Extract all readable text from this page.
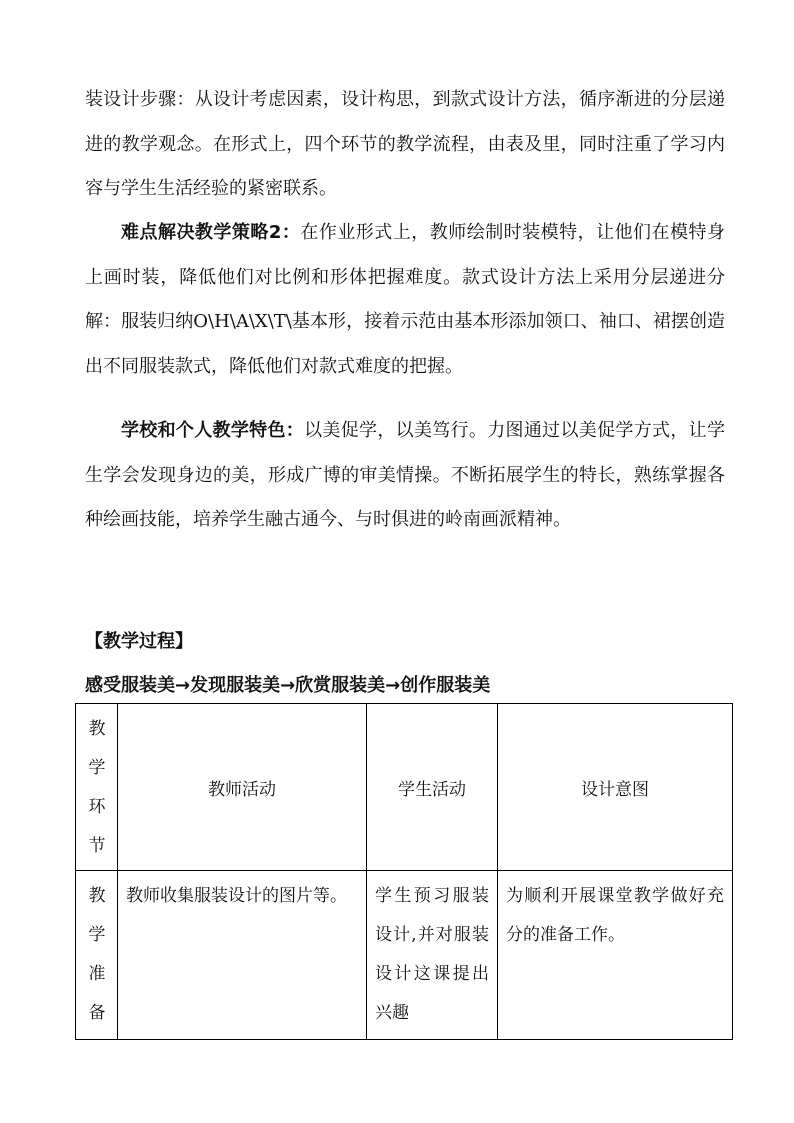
装设计步骤：从设计考虑因素，设计构思，到款式设计方法，循序渐进的分层递进的教学观念。在形式上，四个环节的教学流程，由表及里，同时注重了学习内容与学生生活经验的紧密联系。

难点解决教学策略2：在作业形式上，教师绘制时装模特，让他们在模特身上画时装，降低他们对比例和形体把握难度。款式设计方法上采用分层递进分解：服装归纳O\H\A\X\T\基本形，接着示范由基本形添加领口、袖口、裙摆创造出不同服装款式，降低他们对款式难度的把握。

学校和个人教学特色：以美促学，以美笃行。力图通过以美促学方式，让学生学会发现身边的美，形成广博的审美情操。不断拓展学生的特长，熟练掌握各种绘画技能，培养学生融古通今、与时俱进的岭南画派精神。

【教学过程】

感受服装美→发现服装美→欣赏服装美→创作服装美

教学环节	教师活动	学生活动	设计意图

教学准备	教师收集服装设计的图片等。	学生预习服装设计,并对服装设计这课提出兴趣	为顺利开展课堂教学做好充分的准备工作。
